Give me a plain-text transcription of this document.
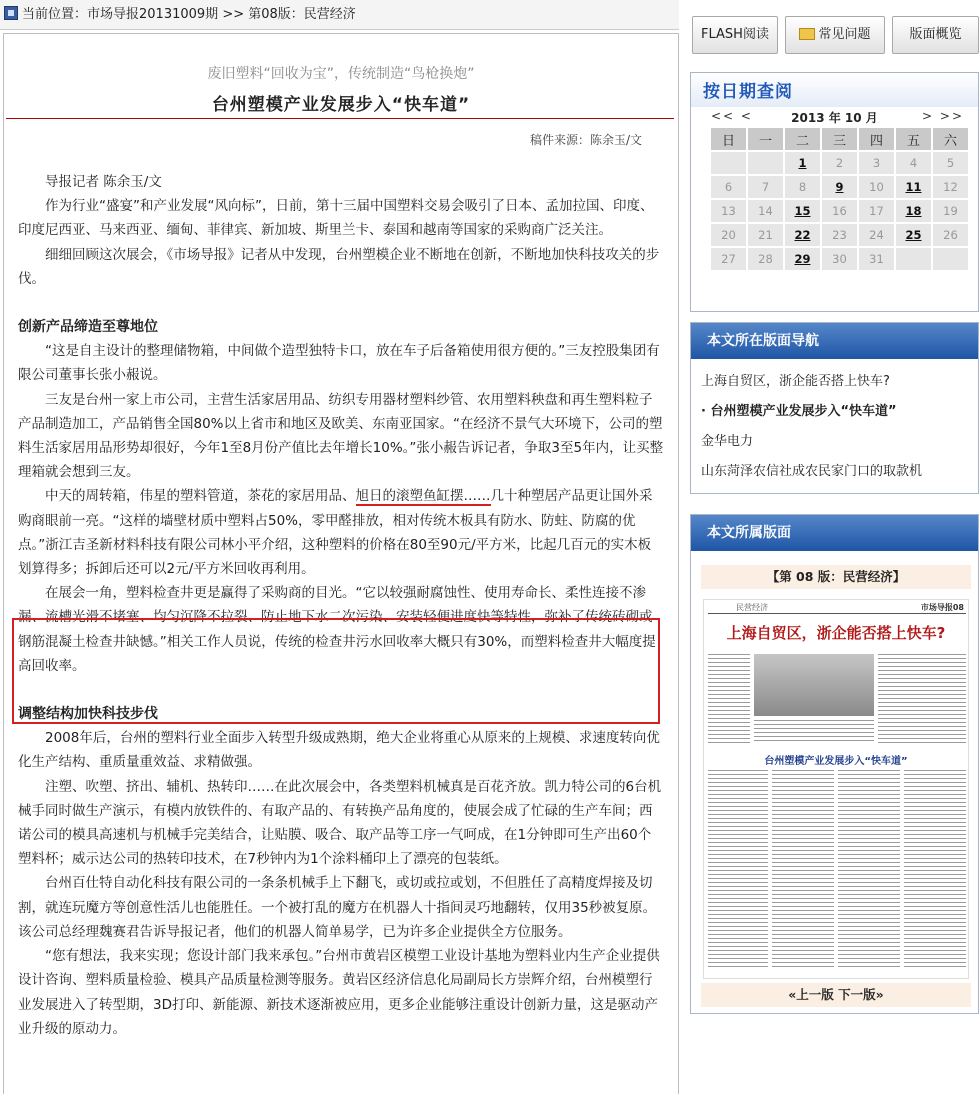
当前位置：市场导报20131009期 >> 第08版：民营经济
废旧塑料“回收为宝”，传统制造“鸟枪换炮”
台州塑模产业发展步入“快车道”
稿件来源：陈余玉/文

导报记者 陈余玉/文

作为行业“盛宴”和产业发展“风向标”，日前，第十三届中国塑料交易会吸引了日本、孟加拉国、印度、印度尼西亚、马来西亚、缅甸、菲律宾、新加坡、斯里兰卡、泰国和越南等国家的采购商广泛关注。

细细回顾这次展会，《市场导报》记者从中发现，台州塑模企业不断地在创新，不断地加快科技攻关的步伐。

创新产品缔造至尊地位

“这是自主设计的整理储物箱，中间做个造型独特卡口，放在车子后备箱使用很方便的。”三友控股集团有限公司董事长张小赧说。

三友是台州一家上市公司，主营生活家居用品、纺织专用器材塑料纱管、农用塑料秧盘和再生塑料粒子产品制造加工，产品销售全国80%以上省市和地区及欧美、东南亚国家。“在经济不景气大环境下，公司的塑料生活家居用品形势却很好，今年1至8月份产值比去年增长10%。”张小赧告诉记者，争取3至5年内，让买整理箱就会想到三友。

中天的周转箱，伟星的塑料管道，茶花的家居用品、旭日的滚塑鱼缸摆……几十种塑居产品更让国外采购商眼前一亮。“这样的墙壁材质中塑料占50%，零甲醛排放，相对传统木板具有防水、防蛀、防腐的优点。”浙江吉圣新材料科技有限公司林小平介绍，这种塑料的价格在80至90元/平方米，比起几百元的实木板划算得多；拆卸后还可以2元/平方米回收再利用。

在展会一角，塑料检查井更是赢得了采购商的目光。“它以较强耐腐蚀性、使用寿命长、柔性连接不渗漏、流槽光滑不堵塞、均匀沉降不拉裂、防止地下水二次污染、安装轻便进度快等特性，弥补了传统砖砌或钢筋混凝土检查井缺憾。”相关工作人员说，传统的检查井污水回收率大概只有30%，而塑料检查井大幅度提高回收率。

调整结构加快科技步伐

2008年后，台州的塑料行业全面步入转型升级成熟期，绝大企业将重心从原来的上规模、求速度转向优化生产结构、重质量重效益、求精做强。

注塑、吹塑、挤出、辅机、热转印……在此次展会中，各类塑料机械真是百花齐放。凯力特公司的6台机械手同时做生产演示，有模内放铁件的、有取产品的、有转换产品角度的，使展会成了忙碌的生产车间；西诺公司的模具高速机与机械手完美结合，让贴膜、吸合、取产品等工序一气呵成，在1分钟即可生产出60个塑料杯；威示达公司的热转印技术，在7秒钟内为1个涂料桶印上了漂亮的包装纸。

台州百仕特自动化科技有限公司的一条条机械手上下翻飞，或切或拉或划，不但胜任了高精度焊接及切割，就连玩魔方等创意性活儿也能胜任。一个被打乱的魔方在机器人十指间灵巧地翻转，仅用35秒被复原。该公司总经理魏赛君告诉导报记者，他们的机器人简单易学，已为许多企业提供全方位服务。

“您有想法，我来实现；您设计部门我来承包。”台州市黄岩区模塑工业设计基地为塑料业内生产企业提供设计咨询、塑料质量检验、模具产品质量检测等服务。黄岩区经济信息化局副局长方崇辉介绍，台州模塑行业发展进入了转型期，3D打印、新能源、新技术逐渐被应用，更多企业能够注重设计创新力量，这是驱动产业升级的原动力。

FLASH阅读	常见问题	版面概览
按日期查阅
2013 年 10 月
<< <	> >>
日	一	二	三	四	五	六
		1	2	3	4	5
6	7	8	9	10	11	12
13	14	15	16	17	18	19
20	21	22	23	24	25	26
27	28	29	30	31		
本文所在版面导航
上海自贸区，浙企能否搭上快车?
· 台州塑模产业发展步入“快车道”
金华电力
山东菏泽农信社成农民家门口的取款机
本文所属版面
【第 08 版：民营经济】
民营经济	市场导报08
上海自贸区，浙企能否搭上快车?
台州塑模产业发展步入“快车道”
«上一版 下一版»
